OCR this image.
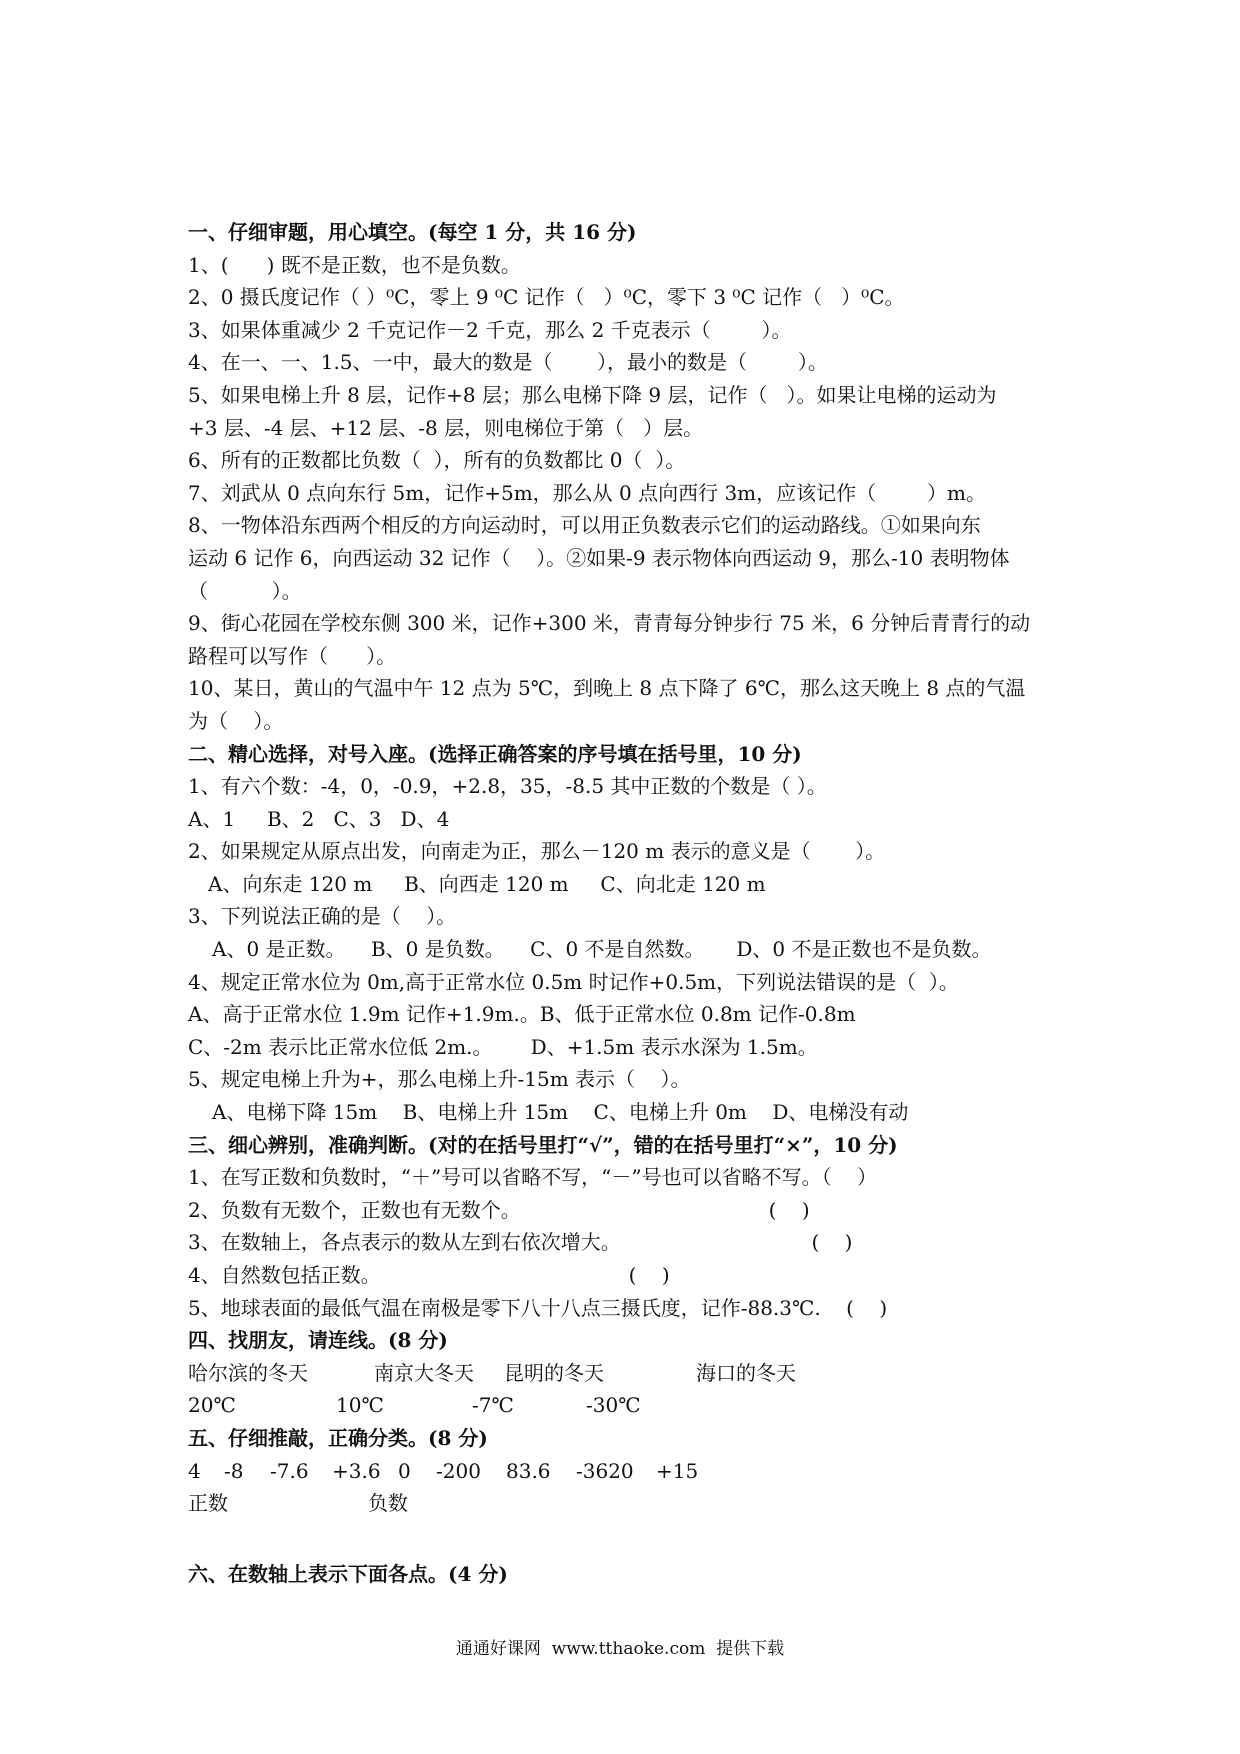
一、仔细审题，用心填空。(每空 1 分，共 16 分)
1、(      ) 既不是正数，也不是负数。
2、0 摄氏度记作（ ）⁰C，零上 9 ⁰C 记作（   ）⁰C，零下 3 ⁰C 记作（   ）⁰C。
3、如果体重减少 2 千克记作－2 千克，那么 2 千克表示（        ）。
4、在一、一、1.5、一中，最大的数是（       ），最小的数是（        ）。
5、如果电梯上升 8 层，记作+8 层；那么电梯下降 9 层，记作（   ）。如果让电梯的运动为
+3 层、-4 层、+12 层、-8 层，则电梯位于第（   ）层。
6、所有的正数都比负数（  ），所有的负数都比 0（  ）。
7、刘武从 0 点向东行 5m，记作+5m，那么从 0 点向西行 3m，应该记作（        ）m。
8、一物体沿东西两个相反的方向运动时，可以用正负数表示它们的运动路线。①如果向东
运动 6 记作 6，向西运动 32 记作（    ）。②如果-9 表示物体向西运动 9，那么-10 表明物体
（          ）。
9、街心花园在学校东侧 300 米，记作+300 米，青青每分钟步行 75 米，6 分钟后青青行的动
路程可以写作（      ）。
10、某日，黄山的气温中午 12 点为 5℃，到晚上 8 点下降了 6℃，那么这天晚上 8 点的气温
为（    ）。
二、精心选择，对号入座。(选择正确答案的序号填在括号里，10 分)
1、有六个数：-4，0，-0.9，+2.8，35，-8.5 其中正数的个数是（ ）。
A、1     B、2   C、3   D、4
2、如果规定从原点出发，向南走为正，那么－120 m 表示的意义是（       ）。
A、向东走 120 m     B、向西走 120 m     C、向北走 120 m
3、下列说法正确的是（    ）。
A、0 是正数。    B、0 是负数。    C、0 不是自然数。     D、0 不是正数也不是负数。
4、规定正常水位为 0m,高于正常水位 0.5m 时记作+0.5m，下列说法错误的是（  ）。
A、高于正常水位 1.9m 记作+1.9m.。B、低于正常水位 0.8m 记作-0.8m
C、-2m 表示比正常水位低 2m.。      D、+1.5m 表示水深为 1.5m。
5、规定电梯上升为+，那么电梯上升-15m 表示（    ）。
A、电梯下降 15m    B、电梯上升 15m    C、电梯上升 0m    D、电梯没有动
三、细心辨别，准确判断。(对的在括号里打“√”，错的在括号里打“×”，10 分)
1、在写正数和负数时，“＋”号可以省略不写，“－”号也可以省略不写。（    ）
2、负数有无数个，正数也有无数个。                                       (    )
3、在数轴上，各点表示的数从左到右依次增大。                              (    )
4、自然数包括正数。                                       (    )
5、地球表面的最低气温在南极是零下八十八点三摄氏度，记作-88.3℃.    (    )
四、找朋友，请连线。(8 分)
哈尔滨的冬天	南京大冬天	昆明的冬天	海口的冬天
20℃	10℃	-7℃	-30℃
五、仔细推敲，正确分类。(8 分)
4	-8	-7.6	+3.6 0	-200	83.6	-3620	+15
正数	负数
六、在数轴上表示下面各点。(4 分)
通通好课网  www.tthaoke.com  提供下载
